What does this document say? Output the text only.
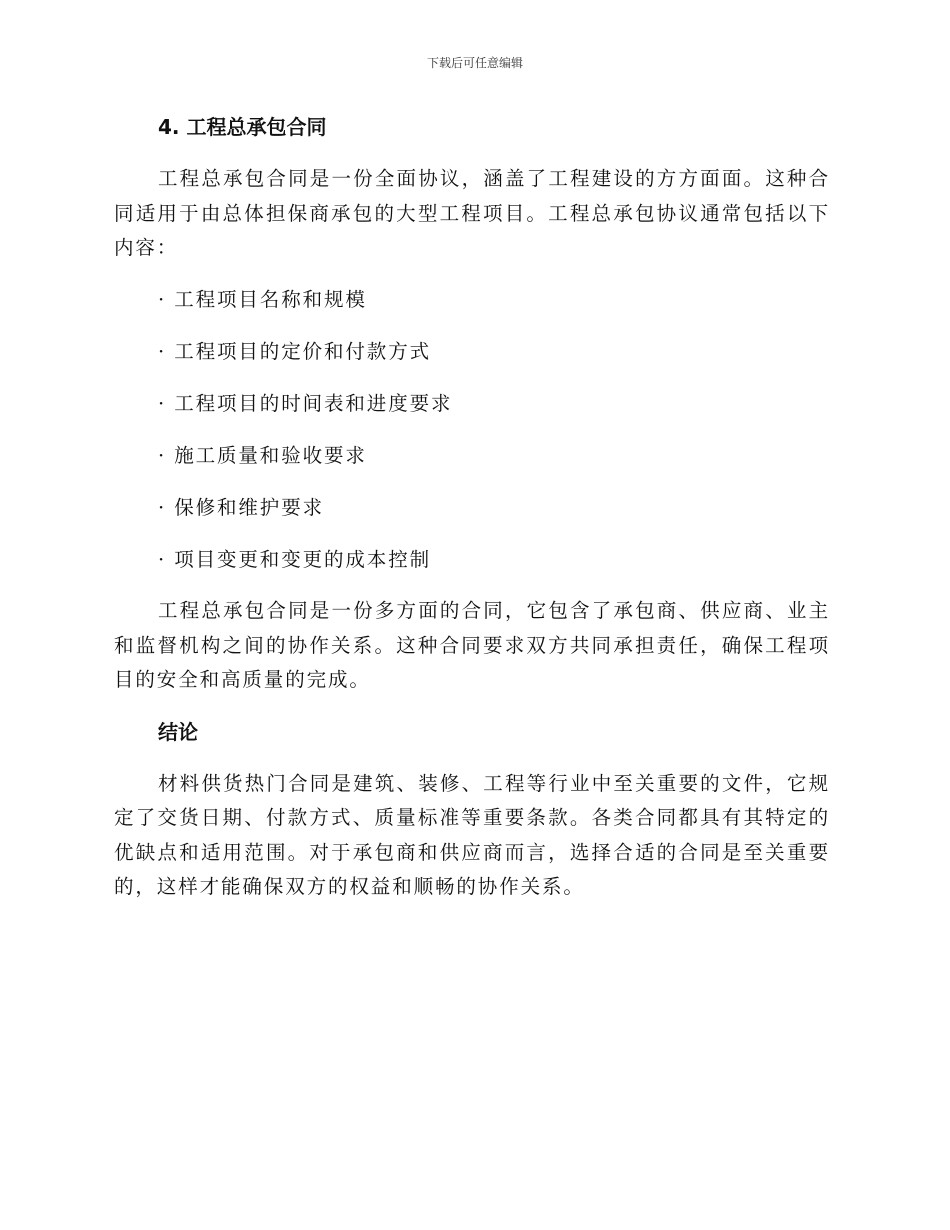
下载后可任意编辑
4. 工程总承包合同

工程总承包合同是一份全面协议，涵盖了工程建设的方方面面。这种合同适用于由总体担保商承包的大型工程项目。工程总承包协议通常包括以下内容：

· 工程项目名称和规模
· 工程项目的定价和付款方式
· 工程项目的时间表和进度要求
· 施工质量和验收要求
· 保修和维护要求
· 项目变更和变更的成本控制

工程总承包合同是一份多方面的合同，它包含了承包商、供应商、业主和监督机构之间的协作关系。这种合同要求双方共同承担责任，确保工程项目的安全和高质量的完成。

结论

材料供货热门合同是建筑、装修、工程等行业中至关重要的文件，它规定了交货日期、付款方式、质量标准等重要条款。各类合同都具有其特定的优缺点和适用范围。对于承包商和供应商而言，选择合适的合同是至关重要的，这样才能确保双方的权益和顺畅的协作关系。
